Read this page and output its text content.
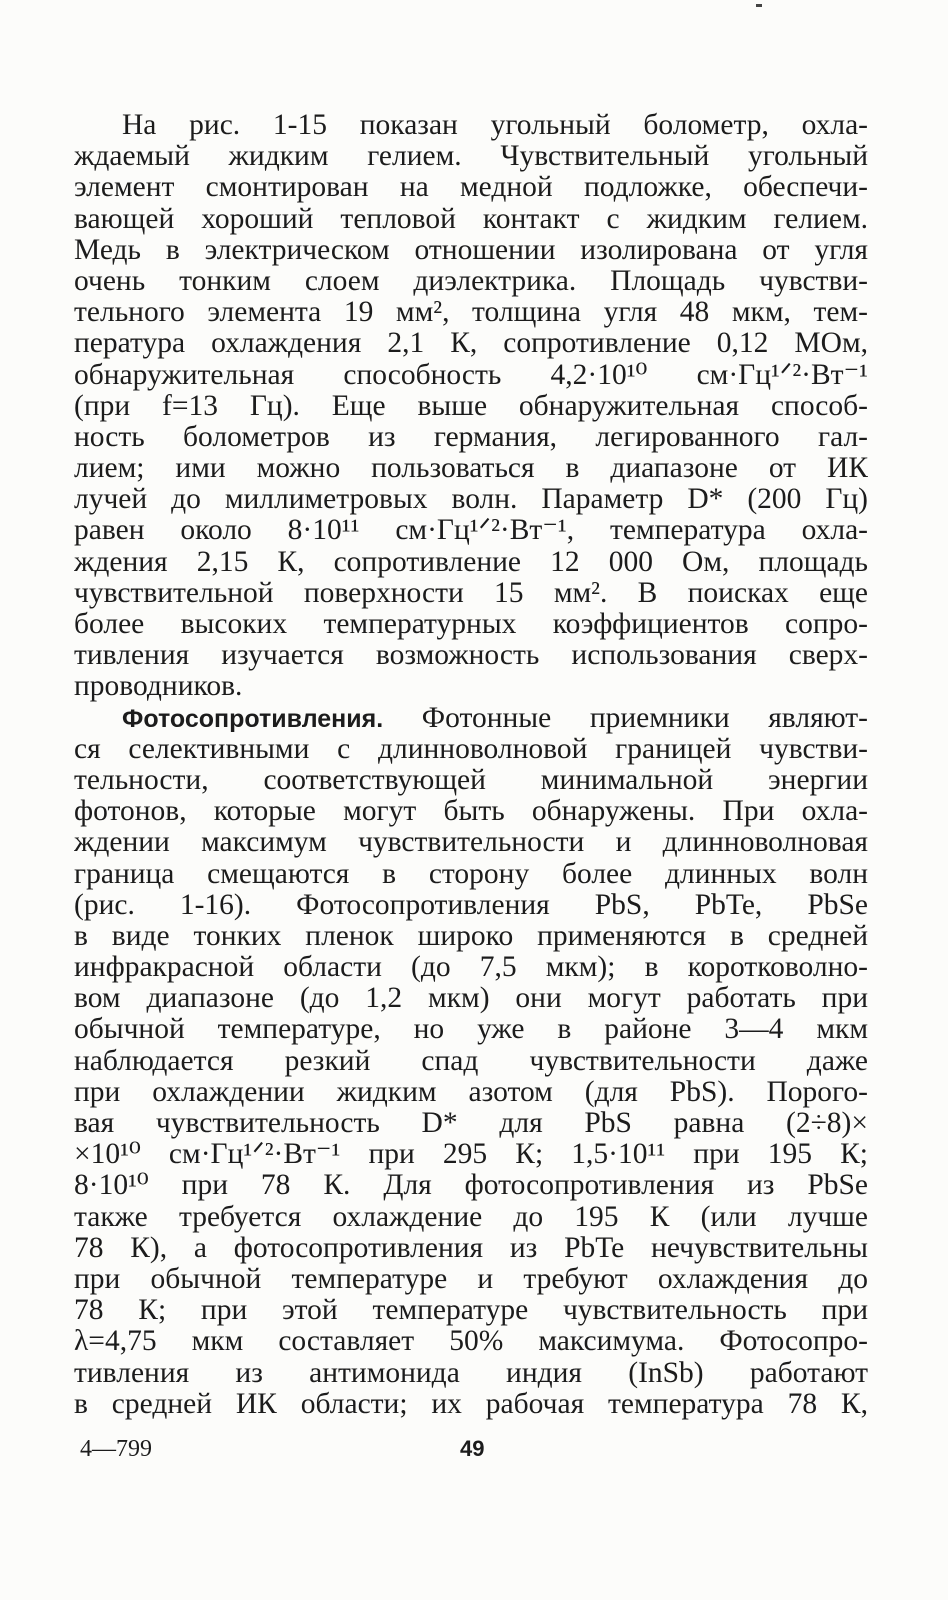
На рис. 1-15 показан угольный болометр, охла-
ждаемый жидким гелием. Чувствительный угольный
элемент смонтирован на медной подложке, обеспечи-
вающей хороший тепловой контакт с жидким гелием.
Медь в электрическом отношении изолирована от угля
очень тонким слоем диэлектрика. Площадь чувстви-
тельного элемента 19 мм², толщина угля 48 мкм, тем-
пература охлаждения 2,1 К, сопротивление 0,12 МОм,
обнаружительная способность 4,2·10¹⁰ см·Гц¹ᐟ²·Вт⁻¹
(при f=13 Гц). Еще выше обнаружительная способ-
ность болометров из германия, легированного гал-
лием; ими можно пользоваться в диапазоне от ИК
лучей до миллиметровых волн. Параметр D* (200 Гц)
равен около 8·10¹¹ см·Гц¹ᐟ²·Вт⁻¹, температура охла-
ждения 2,15 К, сопротивление 12 000 Ом, площадь
чувствительной поверхности 15 мм². В поисках еще
более высоких температурных коэффициентов сопро-
тивления изучается возможность использования сверх-
проводников.
Фотосопротивления. Фотонные приемники являют-
ся селективными с длинноволновой границей чувстви-
тельности, соответствующей минимальной энергии
фотонов, которые могут быть обнаружены. При охла-
ждении максимум чувствительности и длинноволновая
граница смещаются в сторону более длинных волн
(рис. 1-16). Фотосопротивления PbS, PbTe, PbSe
в виде тонких пленок широко применяются в средней
инфракрасной области (до 7,5 мкм); в коротковолно-
вом диапазоне (до 1,2 мкм) они могут работать при
обычной температуре, но уже в районе 3—4 мкм
наблюдается резкий спад чувствительности даже
при охлаждении жидким азотом (для PbS). Порого-
вая чувствительность D* для PbS равна (2÷8)×
×10¹⁰ см·Гц¹ᐟ²·Вт⁻¹ при 295 К; 1,5·10¹¹ при 195 К;
8·10¹⁰ при 78 К. Для фотосопротивления из PbSe
также требуется охлаждение до 195 К (или лучше
78 К), а фотосопротивления из PbTe нечувствительны
при обычной температуре и требуют охлаждения до
78 К; при этой температуре чувствительность при
λ=4,75 мкм составляет 50% максимума. Фотосопро-
тивления из антимонида индия (InSb) работают
в средней ИК области; их рабочая температура 78 К,
4—799	49
